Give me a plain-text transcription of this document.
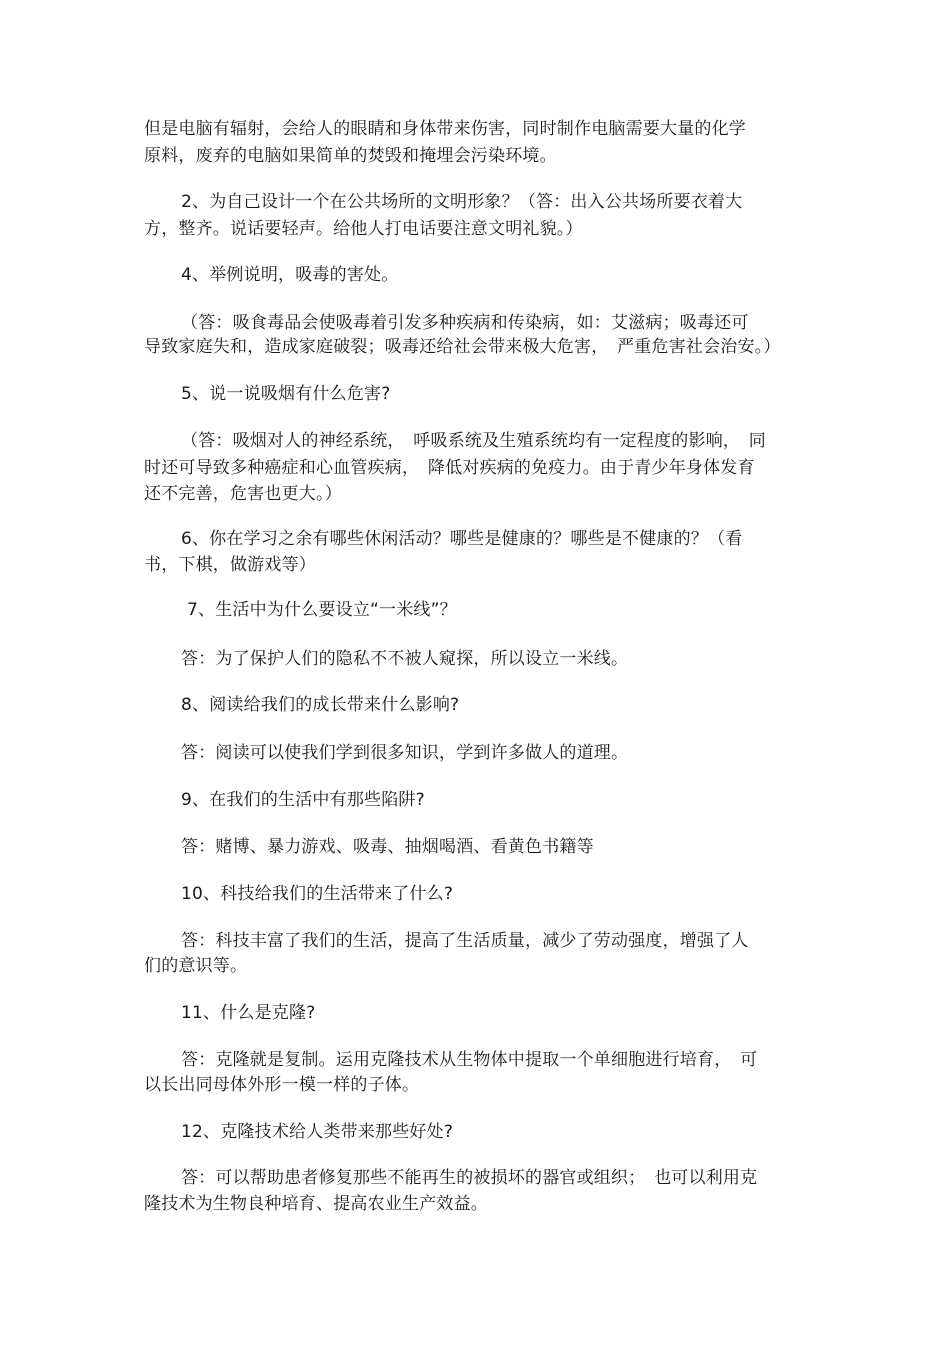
但是电脑有辐射，会给人的眼睛和身体带来伤害，同时制作电脑需要大量的化学
原料，废弃的电脑如果简单的焚毁和掩埋会污染环境。
2、为自己设计一个在公共场所的文明形象？（答：出入公共场所要衣着大
方，整齐。说话要轻声。给他人打电话要注意文明礼貌。）
4、举例说明，吸毒的害处。
（答：吸食毒品会使吸毒着引发多种疾病和传染病，如：艾滋病；吸毒还可
导致家庭失和，造成家庭破裂；吸毒还给社会带来极大危害，　严重危害社会治安。）
5、说一说吸烟有什么危害?
（答：吸烟对人的神经系统，　呼吸系统及生殖系统均有一定程度的影响，　同
时还可导致多种癌症和心血管疾病，　降低对疾病的免疫力。由于青少年身体发育
还不完善，危害也更大。）
6、你在学习之余有哪些休闲活动？哪些是健康的？哪些是不健康的？（看
书，下棋，做游戏等）
7、生活中为什么要设立“一米线”？
答：为了保护人们的隐私不不被人窥探，所以设立一米线。
8、阅读给我们的成长带来什么影响?
答：阅读可以使我们学到很多知识，学到许多做人的道理。
9、在我们的生活中有那些陷阱?
答：赌博、暴力游戏、吸毒、抽烟喝酒、看黄色书籍等
10、科技给我们的生活带来了什么?
答：科技丰富了我们的生活，提高了生活质量，减少了劳动强度，增强了人
们的意识等。
11、什么是克隆?
答：克隆就是复制。运用克隆技术从生物体中提取一个单细胞进行培育，　可
以长出同母体外形一模一样的子体。
12、克隆技术给人类带来那些好处?
答：可以帮助患者修复那些不能再生的被损坏的器官或组织；　也可以利用克
隆技术为生物良种培育、提高农业生产效益。
